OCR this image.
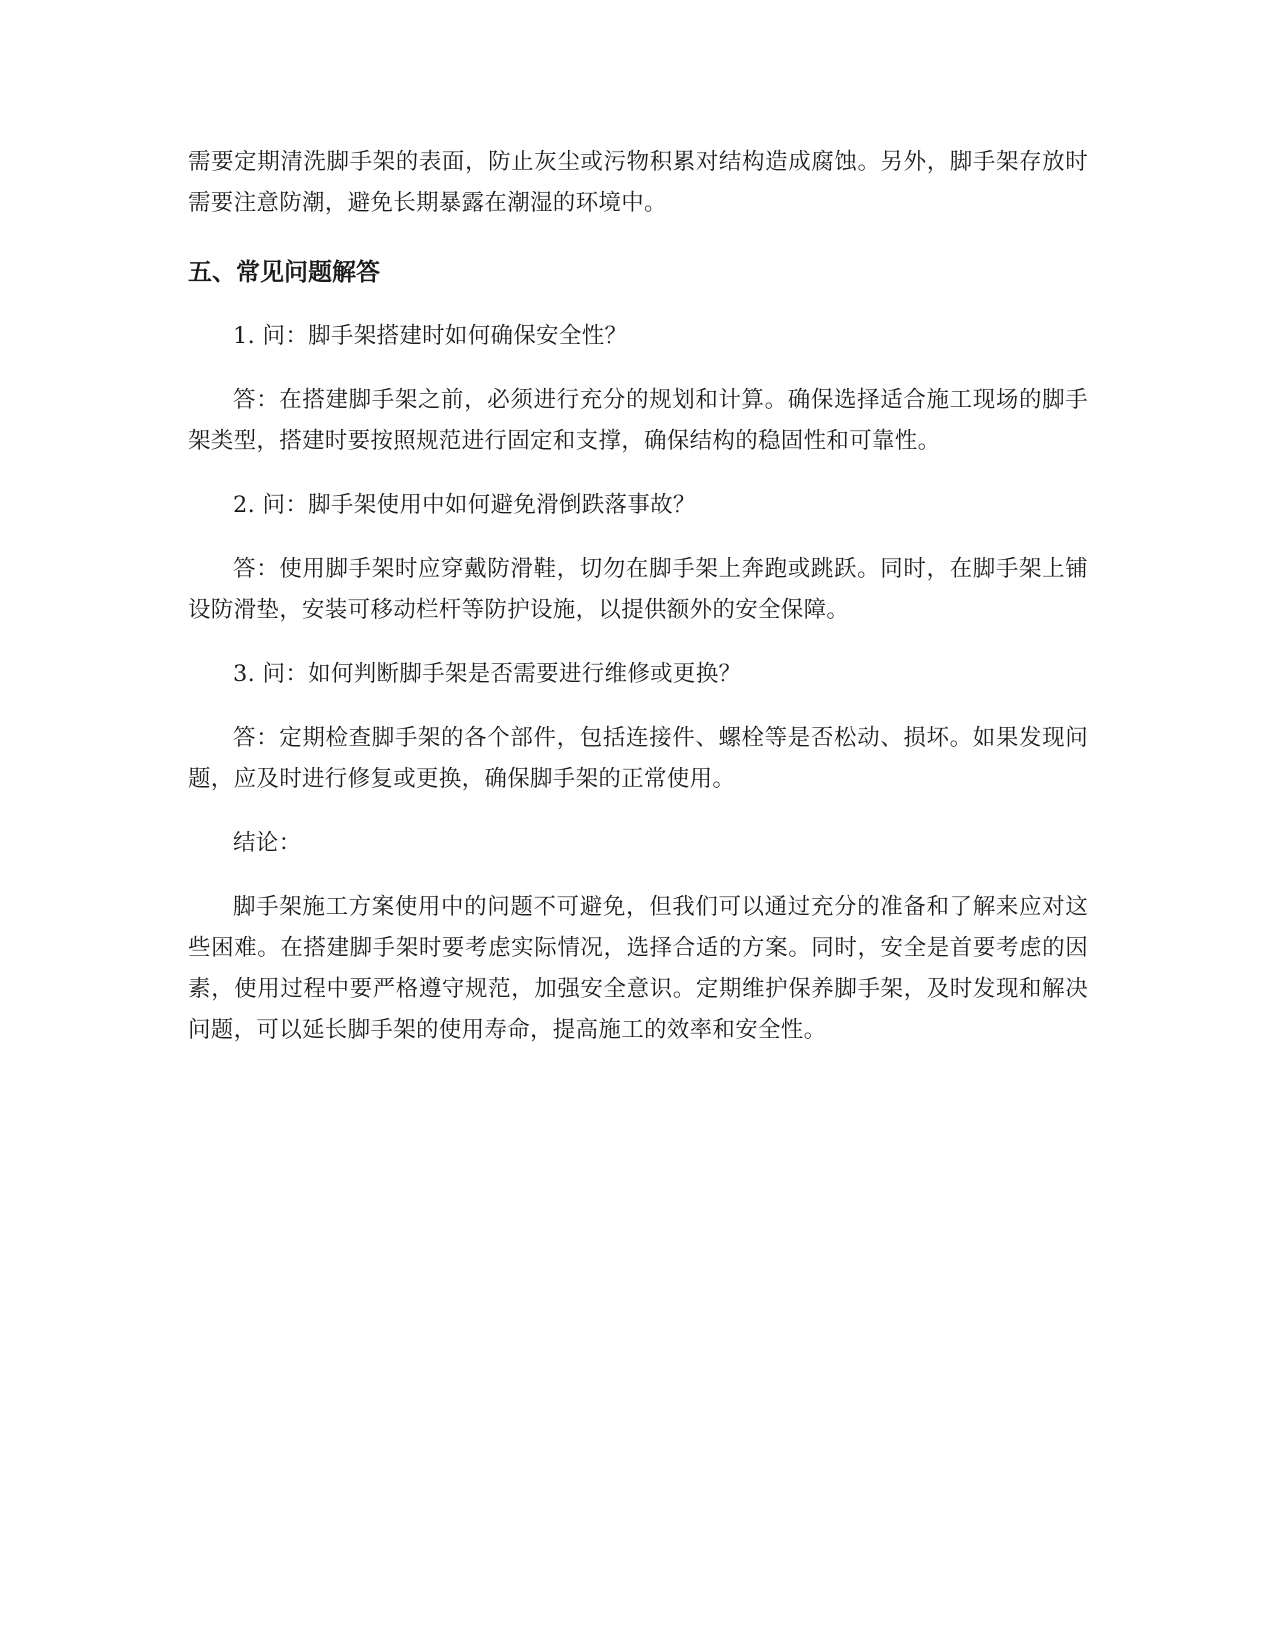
需要定期清洗脚手架的表面，防止灰尘或污物积累对结构造成腐蚀。另外，脚手架存放时需要注意防潮，避免长期暴露在潮湿的环境中。

五、常见问题解答

1. 问：脚手架搭建时如何确保安全性？

答：在搭建脚手架之前，必须进行充分的规划和计算。确保选择适合施工现场的脚手架类型，搭建时要按照规范进行固定和支撑，确保结构的稳固性和可靠性。

2. 问：脚手架使用中如何避免滑倒跌落事故？

答：使用脚手架时应穿戴防滑鞋，切勿在脚手架上奔跑或跳跃。同时，在脚手架上铺设防滑垫，安装可移动栏杆等防护设施，以提供额外的安全保障。

3. 问：如何判断脚手架是否需要进行维修或更换？

答：定期检查脚手架的各个部件，包括连接件、螺栓等是否松动、损坏。如果发现问题，应及时进行修复或更换，确保脚手架的正常使用。

结论：

脚手架施工方案使用中的问题不可避免，但我们可以通过充分的准备和了解来应对这些困难。在搭建脚手架时要考虑实际情况，选择合适的方案。同时，安全是首要考虑的因素，使用过程中要严格遵守规范，加强安全意识。定期维护保养脚手架，及时发现和解决问题，可以延长脚手架的使用寿命，提高施工的效率和安全性。
